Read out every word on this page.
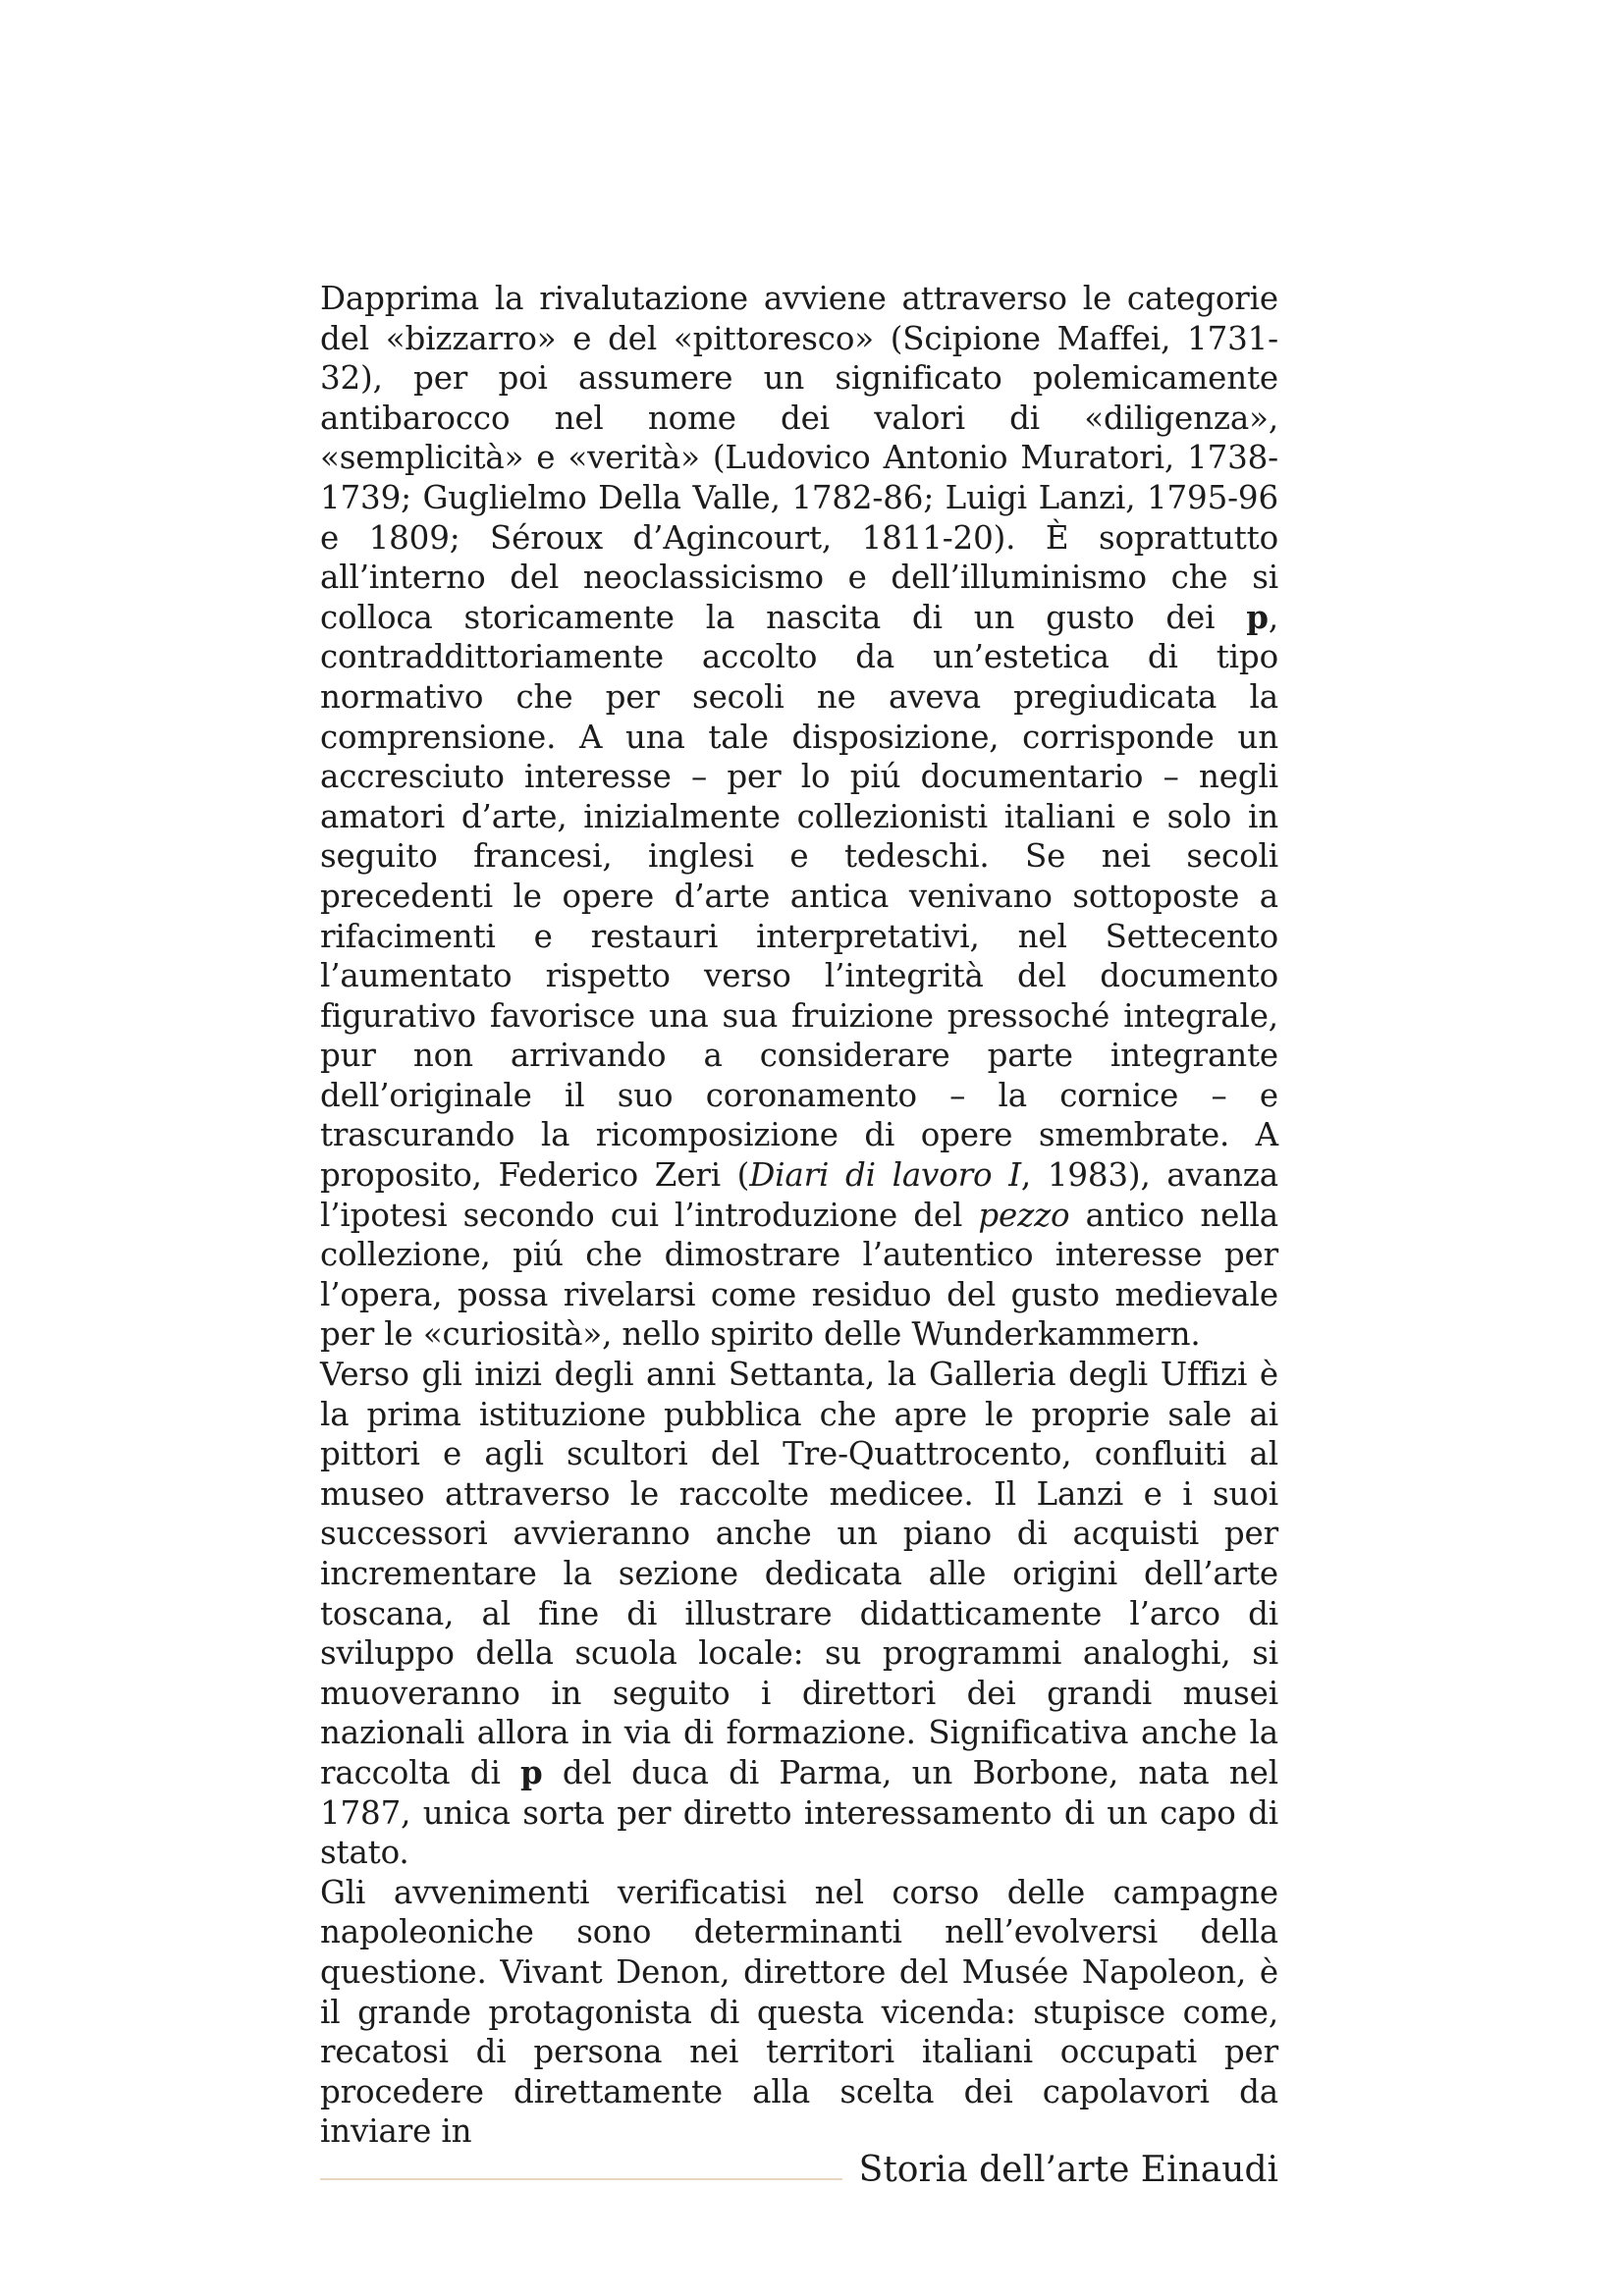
Dapprima la rivalutazione avviene attraverso le categorie del «bizzarro» e del «pittoresco» (Scipione Maffei, 1731-32), per poi assumere un significato polemicamente antibarocco nel nome dei valori di «diligenza», «semplicità» e «verità» (Ludovico Antonio Muratori, 1738-1739; Guglielmo Della Valle, 1782-86; Luigi Lanzi, 1795-96 e 1809; Séroux d’Agincourt, 1811-20). È soprattutto all’interno del neoclassicismo e dell’illuminismo che si colloca storicamente la nascita di un gusto dei p, contraddittoriamente accolto da un’estetica di tipo normativo che per secoli ne aveva pregiudicata la comprensione. A una tale disposizione, corrisponde un accresciuto interesse – per lo piú documentario – negli amatori d’arte, inizialmente collezionisti italiani e solo in seguito francesi, inglesi e tedeschi. Se nei secoli precedenti le opere d’arte antica venivano sottoposte a rifacimenti e restauri interpretativi, nel Settecento l’aumentato rispetto verso l’integrità del documento figurativo favorisce una sua fruizione pressoché integrale, pur non arrivando a considerare parte integrante dell’originale il suo coronamento – la cornice – e trascurando la ricomposizione di opere smembrate. A proposito, Federico Zeri (Diari di lavoro I, 1983), avanza l’ipotesi secondo cui l’introduzione del pezzo antico nella collezione, piú che dimostrare l’autentico interesse per l’opera, possa rivelarsi come residuo del gusto medievale per le «curiosità», nello spirito delle Wunderkammern.

Verso gli inizi degli anni Settanta, la Galleria degli Uffizi è la prima istituzione pubblica che apre le proprie sale ai pittori e agli scultori del Tre-Quattrocento, confluiti al museo attraverso le raccolte medicee. Il Lanzi e i suoi successori avvieranno anche un piano di acquisti per incrementare la sezione dedicata alle origini dell’arte toscana, al fine di illustrare didatticamente l’arco di sviluppo della scuola locale: su programmi analoghi, si muoveranno in seguito i direttori dei grandi musei nazionali allora in via di formazione. Significativa anche la raccolta di p del duca di Parma, un Borbone, nata nel 1787, unica sorta per diretto interessamento di un capo di stato.

Gli avvenimenti verificatisi nel corso delle campagne napoleoniche sono determinanti nell’evolversi della questione. Vivant Denon, direttore del Musée Napoleon, è il grande protagonista di questa vicenda: stupisce come, recatosi di persona nei territori italiani occupati per procedere direttamente alla scelta dei capolavori da inviare in

Storia dell’arte Einaudi
